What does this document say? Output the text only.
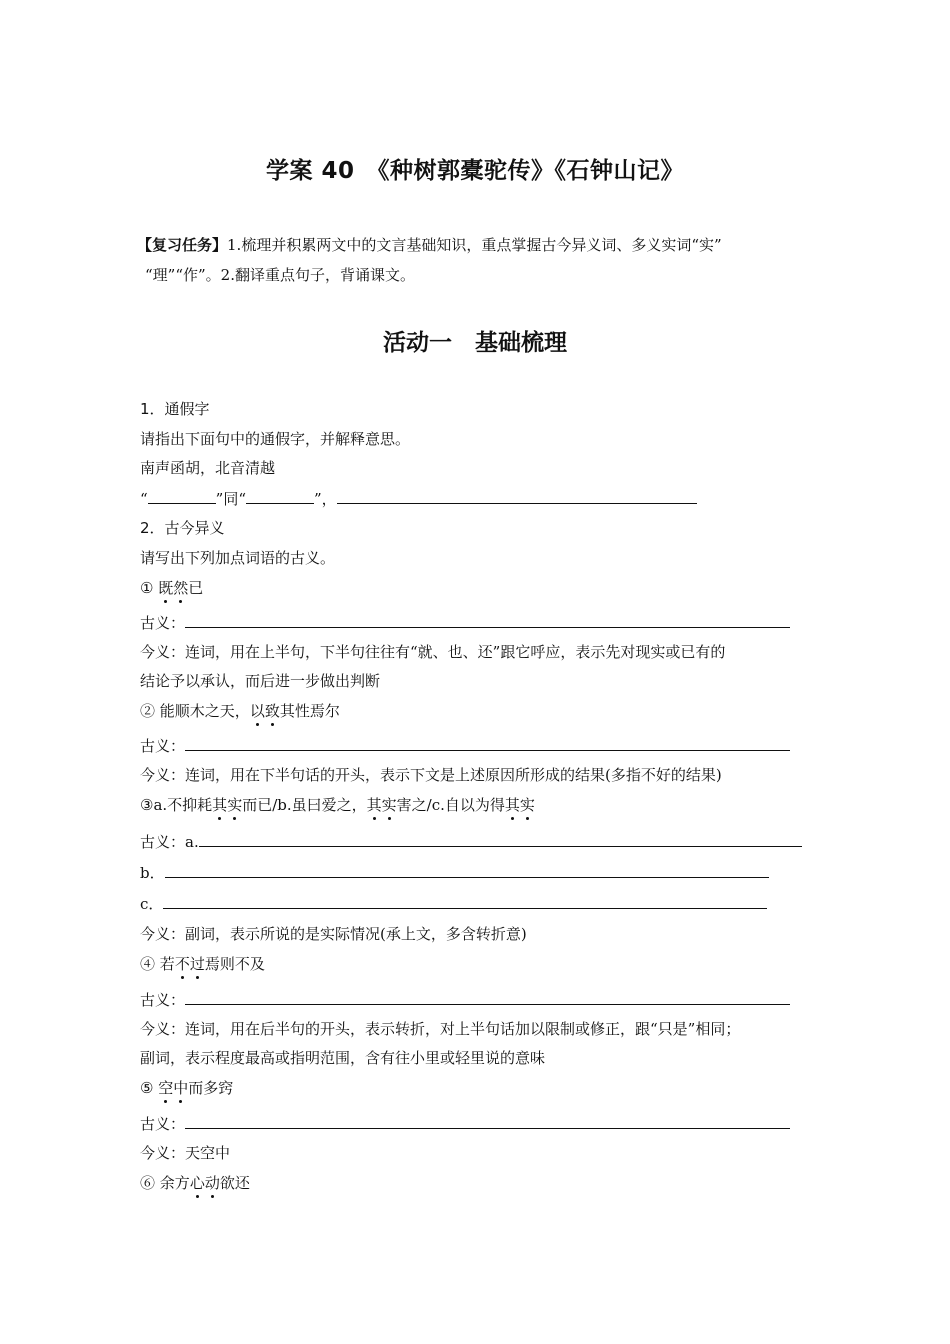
学案 40　《种树郭橐驼传》《石钟山记》
【复习任务】1.梳理并积累两文中的文言基础知识，重点掌握古今异义词、多义实词“实”
“理”“作”。2.翻译重点句子，背诵课文。
活动一　基础梳理
1．通假字
请指出下面句中的通假字，并解释意思。
南声函胡，北音清越
“	”同“	”，
2．古今异义
请写出下列加点词语的古义。
① 既然已
古义：
今义：连词，用在上半句，下半句往往有“就、也、还”跟它呼应，表示先对现实或已有的
结论予以承认，而后进一步做出判断
② 能顺木之天，以致其性焉尔
古义：
今义：连词，用在下半句话的开头，表示下文是上述原因所形成的结果(多指不好的结果)
③a.不抑耗其实而已/b.虽曰爱之，其实害之/c.自以为得其实
古义：a.
b．
c．
今义：副词，表示所说的是实际情况(承上文，多含转折意)
④ 若不过焉则不及
古义：
今义：连词，用在后半句的开头，表示转折，对上半句话加以限制或修正，跟“只是”相同；
副词，表示程度最高或指明范围，含有往小里或轻里说的意味
⑤ 空中而多窍
古义：
今义：天空中
⑥ 余方心动欲还
